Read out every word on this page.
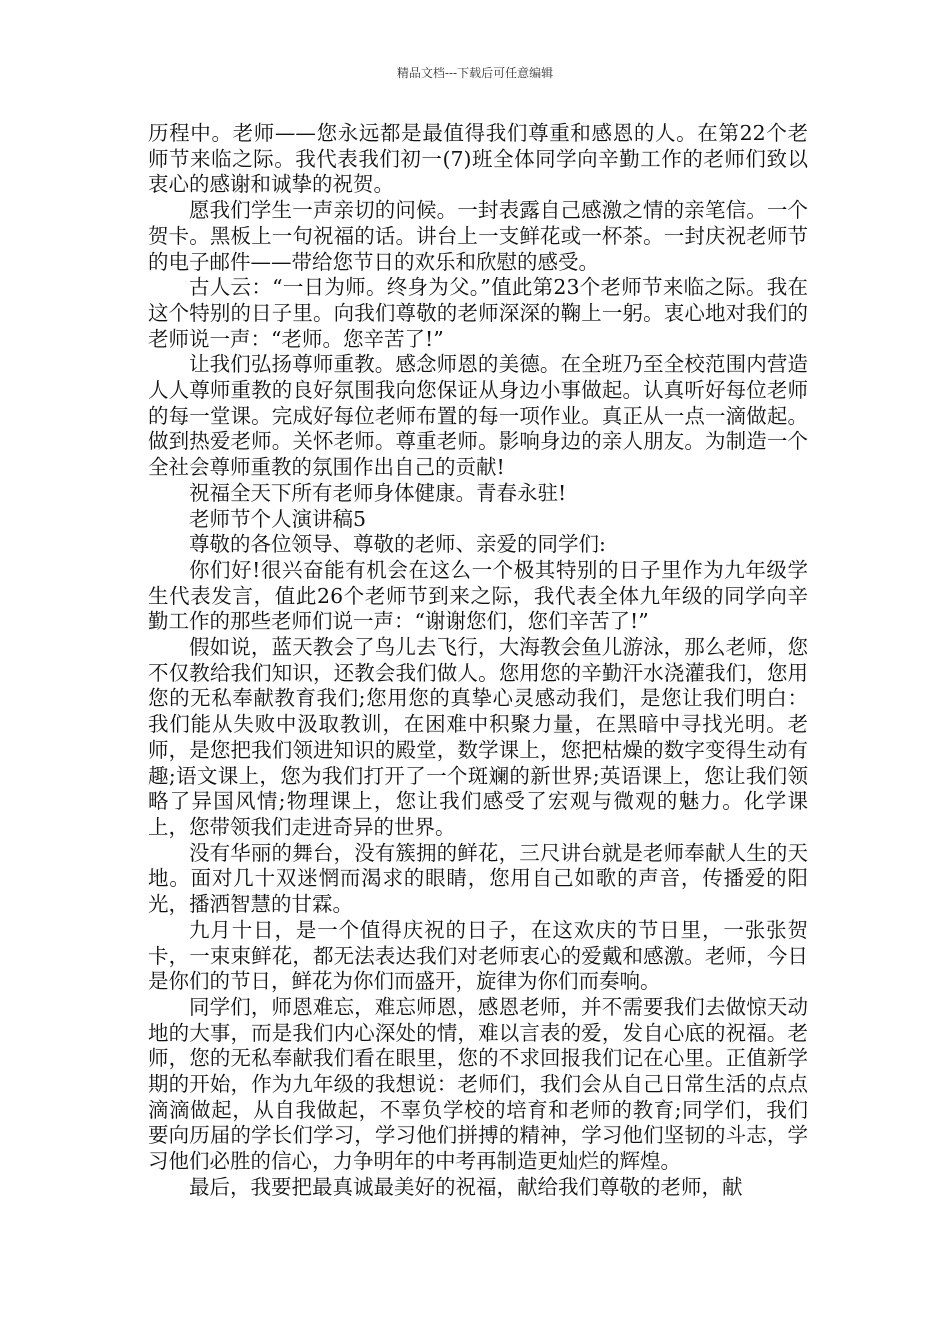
精品文档---下载后可任意编辑

历程中。老师——您永远都是最值得我们尊重和感恩的人。在第22个老师节来临之际。我代表我们初一(7)班全体同学向辛勤工作的老师们致以衷心的感谢和诚挚的祝贺。

愿我们学生一声亲切的问候。一封表露自己感激之情的亲笔信。一个贺卡。黑板上一句祝福的话。讲台上一支鲜花或一杯茶。一封庆祝老师节的电子邮件——带给您节日的欢乐和欣慰的感受。

古人云：“一日为师。终身为父。”值此第23个老师节来临之际。我在这个特别的日子里。向我们尊敬的老师深深的鞠上一躬。衷心地对我们的老师说一声：“老师。您辛苦了!”

让我们弘扬尊师重教。感念师恩的美德。在全班乃至全校范围内营造人人尊师重教的良好氛围我向您保证从身边小事做起。认真听好每位老师的每一堂课。完成好每位老师布置的每一项作业。真正从一点一滴做起。做到热爱老师。关怀老师。尊重老师。影响身边的亲人朋友。为制造一个全社会尊师重教的氛围作出自己的贡献!

祝福全天下所有老师身体健康。青春永驻!

老师节个人演讲稿5

尊敬的各位领导、尊敬的老师、亲爱的同学们:

你们好!很兴奋能有机会在这么一个极其特别的日子里作为九年级学生代表发言，值此26个老师节到来之际，我代表全体九年级的同学向辛勤工作的那些老师们说一声：“谢谢您们，您们辛苦了!”

假如说，蓝天教会了鸟儿去飞行，大海教会鱼儿游泳，那么老师，您不仅教给我们知识，还教会我们做人。您用您的辛勤汗水浇灌我们，您用您的无私奉献教育我们;您用您的真挚心灵感动我们，是您让我们明白：我们能从失败中汲取教训，在困难中积聚力量，在黑暗中寻找光明。老师，是您把我们领进知识的殿堂，数学课上，您把枯燥的数字变得生动有趣;语文课上，您为我们打开了一个斑斓的新世界;英语课上，您让我们领略了异国风情;物理课上，您让我们感受了宏观与微观的魅力。化学课上，您带领我们走进奇异的世界。

没有华丽的舞台，没有簇拥的鲜花，三尺讲台就是老师奉献人生的天地。面对几十双迷惘而渴求的眼睛，您用自己如歌的声音，传播爱的阳光，播洒智慧的甘霖。

九月十日，是一个值得庆祝的日子，在这欢庆的节日里，一张张贺卡，一束束鲜花，都无法表达我们对老师衷心的爱戴和感激。老师，今日是你们的节日，鲜花为你们而盛开，旋律为你们而奏响。

同学们，师恩难忘，难忘师恩，感恩老师，并不需要我们去做惊天动地的大事，而是我们内心深处的情，难以言表的爱，发自心底的祝福。老师，您的无私奉献我们看在眼里，您的不求回报我们记在心里。正值新学期的开始，作为九年级的我想说：老师们，我们会从自己日常生活的点点滴滴做起，从自我做起，不辜负学校的培育和老师的教育;同学们，我们要向历届的学长们学习，学习他们拼搏的精神，学习他们坚韧的斗志，学习他们必胜的信心，力争明年的中考再制造更灿烂的辉煌。

最后，我要把最真诚最美好的祝福，献给我们尊敬的老师，献
